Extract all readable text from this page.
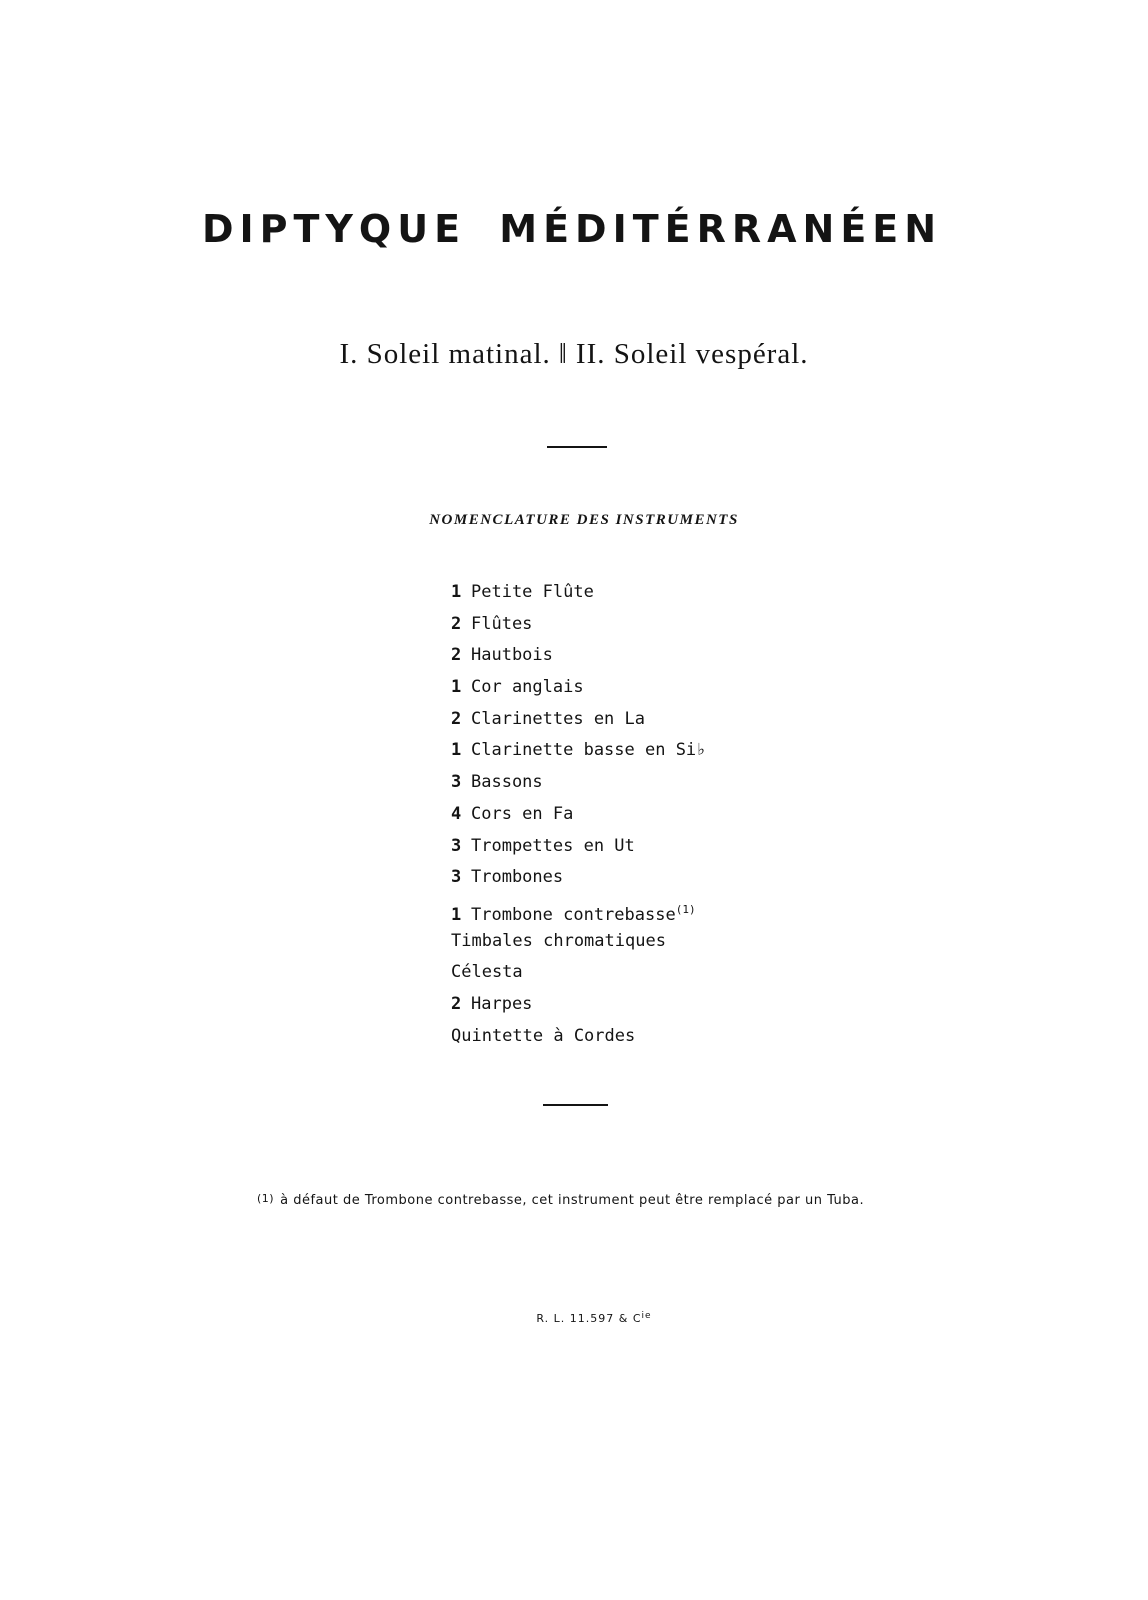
DIPTYQUE MÉDITÉRRANÉEN

I. Soleil matinal. ‖ II. Soleil vespéral.

NOMENCLATURE DES INSTRUMENTS

1 Petite Flûte
2 Flûtes
2 Hautbois
1 Cor anglais
2 Clarinettes en La
1 Clarinette basse en Si♭
3 Bassons
4 Cors en Fa
3 Trompettes en Ut
3 Trombones
1 Trombone contrebasse$^{(1)}$
Timbales chromatiques
Célesta
2 Harpes
Quintette à Cordes

(1) à défaut de Trombone contrebasse, cet instrument peut être remplacé par un Tuba.

R. L. 11.597 & $C^{ie}$
